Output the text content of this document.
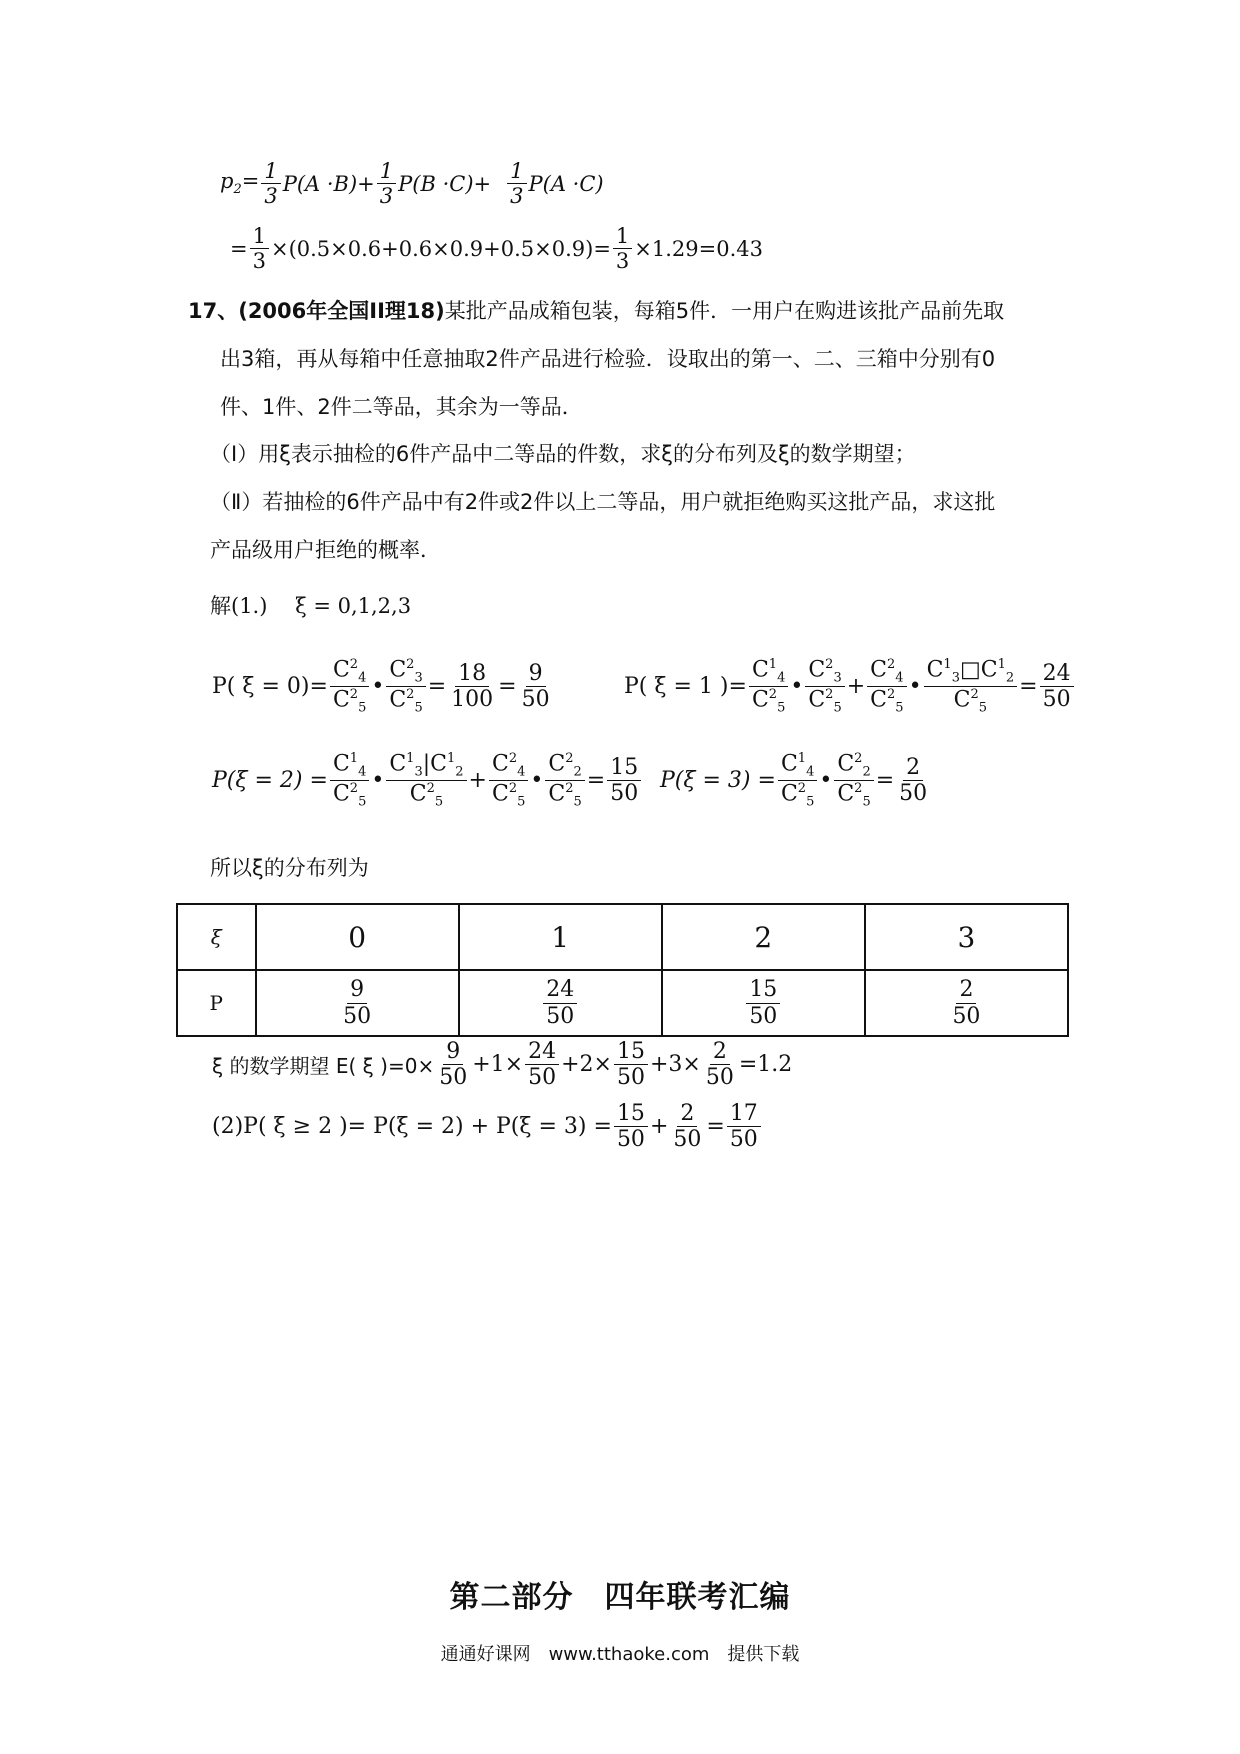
$p_2= \frac{1}{3} P(A \cdot B)+ \frac{1}{3} P(B \cdot C)+ \frac{1}{3} P(A \cdot C)$
= $\frac{1}{3} \times(0.5\times 0.6+0.6\times 0.9+0.5\times 0.9)= \frac{1}{3} \times 1.29=0.43$
17、(2006年全国II理18)某批产品成箱包装，每箱5件．一用户在购进该批产品前先取
出3箱，再从每箱中任意抽取2件产品进行检验．设取出的第一、二、三箱中分别有0
件、1件、2件二等品，其余为一等品．
（Ⅰ）用ξ表示抽检的6件产品中二等品的件数，求ξ的分布列及ξ的数学期望；
（Ⅱ）若抽检的6件产品中有2件或2件以上二等品，用户就拒绝购买这批产品，求这批
产品级用户拒绝的概率．
解(1.)　 ξ = 0,1,2,3
P( $\xi = 0)= \frac{C^2_4}{C^2_5}$ • $\frac{C^2_3}{C^2_5} = \frac{18}{100} = \frac{9}{50}$	P( ξ = 1 )= $\frac{C^1_4}{C^2_5}$ • $\frac{C^2_3}{C^2_5} + \frac{C^2_4}{C^2_5}$ • $\frac{C^1_3□C^1_2}{C^2_5} = \frac{24}{50}$
$P(\xi = 2) = \frac{C^1_4}{C^2_5}$ • $\frac{C^1_3|C^1_2}{C^2_5} + \frac{C^2_4}{C^2_5}$ • $\frac{C^2_2}{C^2_5} = \frac{15}{50} P(\xi = 3) = \frac{C^1_4}{C^2_5}$ • $\frac{C^2_2}{C^2_5} = \frac{2}{50}$
所以ξ的分布列为
ξ	0	1	2	3
P	$\frac{9}{50}$	$\frac{24}{50}$	$\frac{15}{50}$	$\frac{2}{50}$
ξ 的数学期望 E( ξ )$=0\times \frac{9}{50} +1\times \frac{24}{50} +2\times \frac{15}{50} +3\times \frac{2}{50} =1.2$
(2)P( ξ ≥ 2 )= $P(\xi = 2) + P(\xi = 3) = \frac{15}{50} + \frac{2}{50} = \frac{17}{50}$
第二部分　四年联考汇编
通通好课网　www.tthaoke.com　提供下载
